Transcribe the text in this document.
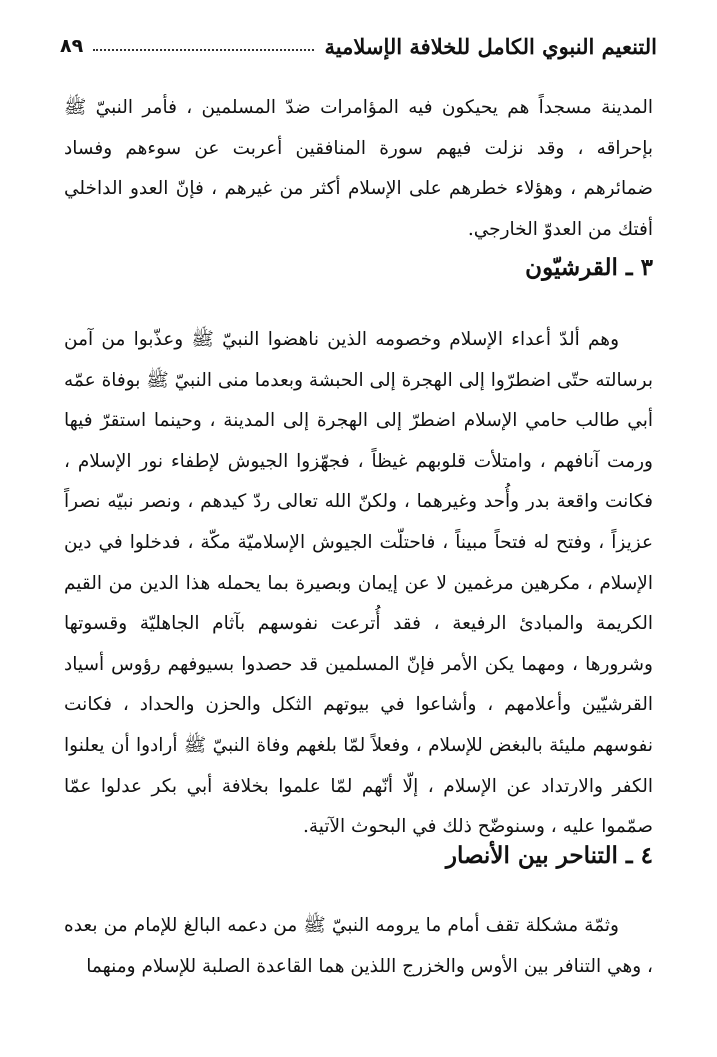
التنعيم النبوي الكامل للخلافة الإسلامية
٨٩

المدينة مسجداً هم يحيكون فيه المؤامرات ضدّ المسلمين ، فأمر النبيّ ﷺ بإحراقه ، وقد نزلت فيهم سورة المنافقين أعربت عن سوءهم وفساد ضمائرهم ، وهؤلاء خطرهم على الإسلام أكثر من غيرهم ، فإنّ العدو الداخلي أفتك من العدوّ الخارجي.

٣ ـ القرشيّون

وهم ألدّ أعداء الإسلام وخصومه الذين ناهضوا النبيّ ﷺ وعذّبوا من آمن برسالته حتّى اضطرّوا إلى الهجرة إلى الحبشة وبعدما منى النبيّ ﷺ بوفاة عمّه أبي طالب حامي الإسلام اضطرّ إلى الهجرة إلى المدينة ، وحينما استقرّ فيها ورمت آنافهم ، وامتلأت قلوبهم غيظاً ، فجهّزوا الجيوش لإطفاء نور الإسلام ، فكانت واقعة بدر وأُحد وغيرهما ، ولكنّ الله تعالى ردّ كيدهم ، ونصر نبيّه نصراً عزيزاً ، وفتح له فتحاً مبيناً ، فاحتلّت الجيوش الإسلاميّة مكّة ، فدخلوا في دين الإسلام ، مكرهين مرغمين لا عن إيمان وبصيرة بما يحمله هذا الدين من القيم الكريمة والمبادئ الرفيعة ، فقد أُترعت نفوسهم بآثام الجاهليّة وقسوتها وشرورها ، ومهما يكن الأمر فإنّ المسلمين قد حصدوا بسيوفهم رؤوس أسياد القرشيّين وأعلامهم ، وأشاعوا في بيوتهم الثكل والحزن والحداد ، فكانت نفوسهم مليئة بالبغض للإسلام ، وفعلاً لمّا بلغهم وفاة النبيّ ﷺ أرادوا أن يعلنوا الكفر والارتداد عن الإسلام ، إلّا أنّهم لمّا علموا بخلافة أبي بكر عدلوا عمّا صمّموا عليه ، وسنوضّح ذلك في البحوث الآتية.

٤ ـ التناحر بين الأنصار

وثمّة مشكلة تقف أمام ما يرومه النبيّ ﷺ من دعمه البالغ للإمام من بعده ، وهي التنافر بين الأوس والخزرج اللذين هما القاعدة الصلبة للإسلام ومنهما
